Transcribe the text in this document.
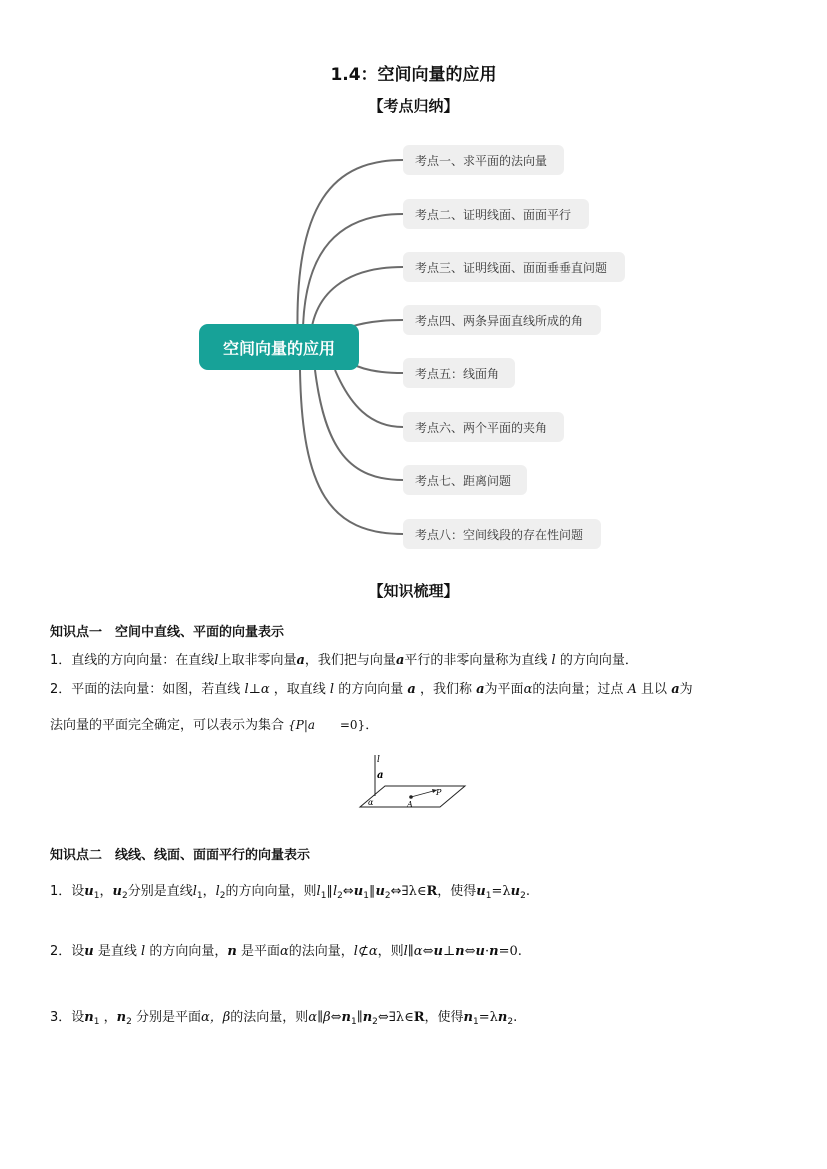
1.4：空间向量的应用
【考点归纳】
空间向量的应用
考点一、求平面的法向量
考点二、证明线面、面面平行
考点三、证明线面、面面垂垂直问题
考点四、两条异面直线所成的角
考点五：线面角
考点六、两个平面的夹角
考点七、距离问题
考点八：空间线段的存在性问题
【知识梳理】
知识点一　空间中直线、平面的向量表示
1．直线的方向向量：在直线l上取非零向量a，我们把与向量a平行的非零向量称为直线 l 的方向向量．
2．平面的法向量：如图，若直线 l⊥α ，取直线 l 的方向向量 a ，我们称 a为平面α的法向量；过点 A 且以 a为
法向量的平面完全确定，可以表示为集合 {P|a =0}．
l
a
α	A
P
知识点二　线线、线面、面面平行的向量表示
1．设$u_1$，$u_2$分别是直线$l_1$，$l_2$的方向向量，则$l_1\parallel l_2\Leftrightarrow u_1\parallel u_2\Leftrightarrow\exists\lambda\in R$，使得$u_1=\lambda u_2$.
2．设u 是直线 l 的方向向量，n 是平面α的法向量，l⊄α，则l∥α⇔u⊥n⇔u·n=0.
3．设$n_1$ ，$n_2$ 分别是平面α，β的法向量，则$\alpha\parallel\beta\Leftrightarrow n_1\parallel n_2\Leftrightarrow\exists\lambda\in R$，使得$n_1=\lambda n_2$.
